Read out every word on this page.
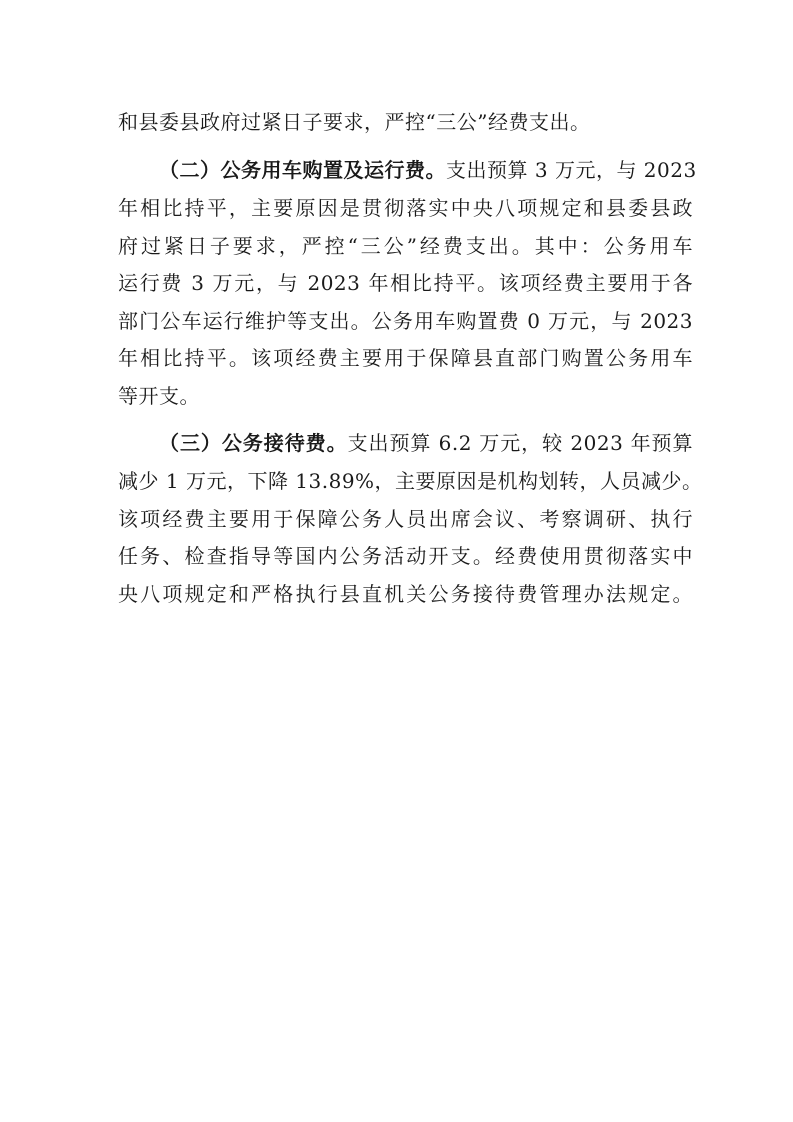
和县委县政府过紧日子要求，严控“三公”经费支出。
（二）公务用车购置及运行费。支出预算 3 万元，与 2023
年相比持平，主要原因是贯彻落实中央八项规定和县委县政
府过紧日子要求，严控“三公”经费支出。其中：公务用车
运行费 3 万元，与 2023 年相比持平。该项经费主要用于各
部门公车运行维护等支出。公务用车购置费 0 万元，与 2023
年相比持平。该项经费主要用于保障县直部门购置公务用车
等开支。
（三）公务接待费。支出预算 6.2 万元，较 2023 年预算
减少 1 万元，下降 13.89%，主要原因是机构划转，人员减少。
该项经费主要用于保障公务人员出席会议、考察调研、执行
任务、检查指导等国内公务活动开支。经费使用贯彻落实中
央八项规定和严格执行县直机关公务接待费管理办法规定。
